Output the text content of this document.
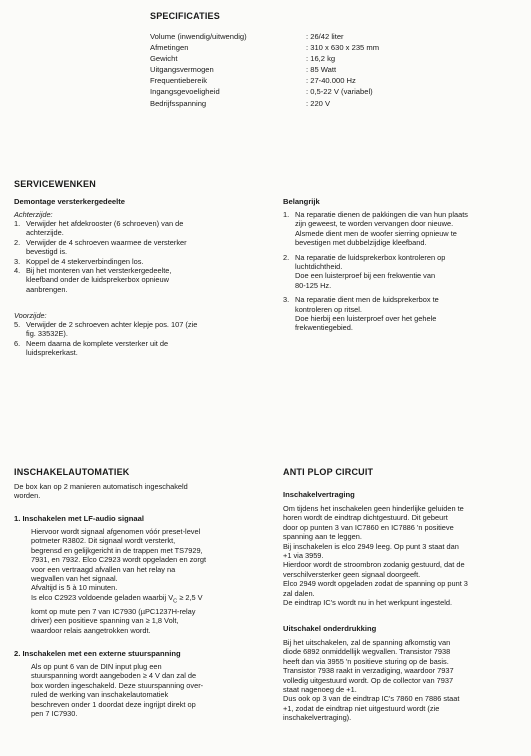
SPECIFICATIES
Volume (inwendig/uitwendig)	: 26/42 liter
Afmetingen	: 310 x 630 x 235 mm
Gewicht	: 16,2 kg
Uitgangsvermogen	: 85 Watt
Frequentiebereik	: 27-40.000 Hz
Ingangsgevoeligheid	: 0,5-22 V (variabel)
Bedrijfsspanning	: 220 V
SERVICEWENKEN
Demontage versterkergedeelte
Achterzijde:
1. Verwijder het afdekrooster (6 schroeven) van de
achterzijde.
2. Verwijder de 4 schroeven waarmee de versterker
bevestigd is.
3. Koppel de 4 stekerverbindingen los.
4. Bij het monteren van het versterkergedeelte,
kleefband onder de luidsprekerbox opnieuw
aanbrengen.
Voorzijde:
5. Verwijder de 2 schroeven achter klepje pos. 107 (zie
fig. 33532E).
6. Neem daarna de komplete versterker uit de
luidsprekerkast.
Belangrijk
1. Na reparatie dienen de pakkingen die van hun plaats
zijn geweest, te worden vervangen door nieuwe.
Alsmede dient men de woofer sierring opnieuw te
bevestigen met dubbelzijdige kleefband.
2. Na reparatie de luidsprekerbox kontroleren op
luchtdichtheid.
Doe een luisterproef bij een frekwentie van
80-125 Hz.
3. Na reparatie dient men de luidsprekerbox te
kontroleren op ritsel.
Doe hierbij een luisterproef over het gehele
frekwentiegebied.
INSCHAKELAUTOMATIEK
De box kan op 2 manieren automatisch ingeschakeld
worden.
1. Inschakelen met LF-audio signaal
Hiervoor wordt signaal afgenomen vóór preset-level
potmeter R3802. Dit signaal wordt versterkt,
begrensd en gelijkgericht in de trappen met TS7929,
7931, en 7932. Elco C2923 wordt opgeladen en zorgt
voor een vertraagd afvallen van het relay na
wegvallen van het signaal.
Afvaltijd is 5 à 10 minuten.
Is elco C2923 voldoende geladen waarbij $V_C \ge 2,5$ V
komt op mute pen 7 van IC7930 (µPC1237H-relay
driver) een positieve spanning van ≥ 1,8 Volt,
waardoor relais aangetrokken wordt.
2. Inschakelen met een externe stuurspanning
Als op punt 6 van de DIN input plug een
stuurspanning wordt aangeboden ≥ 4 V dan zal de
box worden ingeschakeld. Deze stuurspanning over-
ruled de werking van inschakelautomatiek
beschreven onder 1 doordat deze ingrijpt direkt op
pen 7 IC7930.
ANTI PLOP CIRCUIT
Inschakelvertraging
Om tijdens het inschakelen geen hinderlijke geluiden te
horen wordt de eindtrap dichtgestuurd. Dit gebeurt
door op punten 3 van IC7860 en IC7886 'n positieve
spanning aan te leggen.
Bij inschakelen is elco 2949 leeg. Op punt 3 staat dan
+1 via 3959.
Hierdoor wordt de stroombron zodanig gestuurd, dat de
verschilversterker geen signaal doorgeeft.
Elco 2949 wordt opgeladen zodat de spanning op punt 3
zal dalen.
De eindtrap IC's wordt nu in het werkpunt ingesteld.
Uitschakel onderdrukking
Bij het uitschakelen, zal de spanning afkomstig van
diode 6892 onmiddellijk wegvallen. Transistor 7938
heeft dan via 3955 'n positieve sturing op de basis.
Transistor 7938 raakt in verzadiging, waardoor 7937
volledig uitgestuurd wordt. Op de collector van 7937
staat nagenoeg de +1.
Dus ook op 3 van de eindtrap IC's 7860 en 7886 staat
+1, zodat de eindtrap niet uitgestuurd wordt (zie
inschakelvertraging).
